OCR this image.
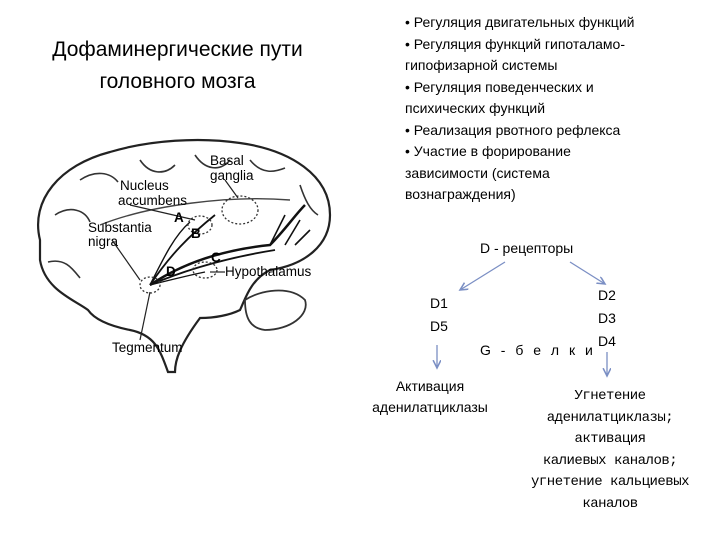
Дофаминергические пути
головного мозга
• Регуляция двигательных функций
• Регуляция функций гипоталамо-
гипофизарной системы
• Регуляция поведенческих и
психических функций
• Реализация рвотного рефлекса
• Участие в форирование
зависимости (система
вознаграждения)
Basal
ganglia
Nucleus
accumbens
Substantia
nigra
A
B
C
D	Hypothalamus
Tegmentum
D - рецепторы
D1
D5
D2
D3
D4
G - б е л к и
Активация
аденилатциклазы
Угнетение
аденилатциклазы;
активация
калиевых каналов;
угнетение кальциевых
каналов
